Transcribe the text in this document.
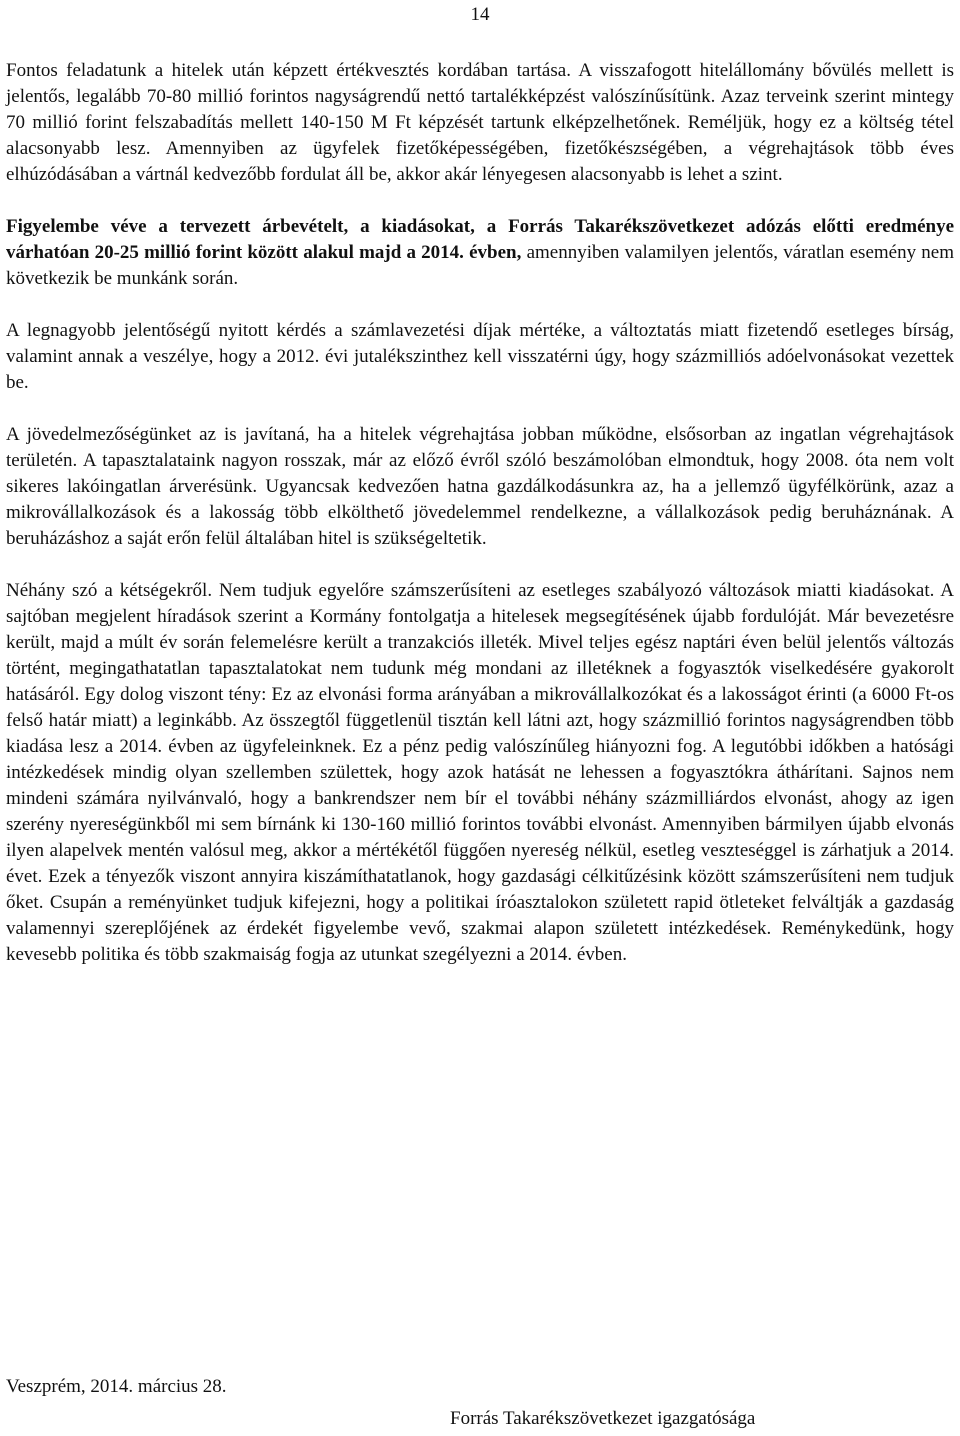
14

Fontos feladatunk a hitelek után képzett értékvesztés kordában tartása. A visszafogott hitelállomány bővülés mellett is jelentős, legalább 70-80 millió forintos nagyságrendű nettó tartalékképzést valószínűsítünk. Azaz terveink szerint mintegy 70 millió forint felszabadítás mellett 140-150 M Ft képzését tartunk elképzelhetőnek. Reméljük, hogy ez a költség tétel alacsonyabb lesz. Amennyiben az ügyfelek fizetőképességében, fizetőkészségében, a végrehajtások több éves elhúzódásában a vártnál kedvezőbb fordulat áll be, akkor akár lényegesen alacsonyabb is lehet a szint.

Figyelembe véve a tervezett árbevételt, a kiadásokat, a Forrás Takarékszövetkezet adózás előtti eredménye várhatóan 20-25 millió forint között alakul majd a 2014. évben, amennyiben valamilyen jelentős, váratlan esemény nem következik be munkánk során.

A legnagyobb jelentőségű nyitott kérdés a számlavezetési díjak mértéke, a változtatás miatt fizetendő esetleges bírság, valamint annak a veszélye, hogy a 2012. évi jutalékszinthez kell visszatérni úgy, hogy százmilliós adóelvonásokat vezettek be.

A jövedelmezőségünket az is javítaná, ha a hitelek végrehajtása jobban működne, elsősorban az ingatlan végrehajtások területén. A tapasztalataink nagyon rosszak, már az előző évről szóló beszámolóban elmondtuk, hogy 2008. óta nem volt sikeres lakóingatlan árverésünk. Ugyancsak kedvezően hatna gazdálkodásunkra az, ha a jellemző ügyfélkörünk, azaz a mikrovállalkozások és a lakosság több elkölthető jövedelemmel rendelkezne, a vállalkozások pedig beruháznának. A beruházáshoz a saját erőn felül általában hitel is szükségeltetik.

Néhány szó a kétségekről. Nem tudjuk egyelőre számszerűsíteni az esetleges szabályozó változások miatti kiadásokat. A sajtóban megjelent híradások szerint a Kormány fontolgatja a hitelesek megsegítésének újabb fordulóját. Már bevezetésre került, majd a múlt év során felemelésre került a tranzakciós illeték. Mivel teljes egész naptári éven belül jelentős változás történt, megingathatatlan tapasztalatokat nem tudunk még mondani az illetéknek a fogyasztók viselkedésére gyakorolt hatásáról. Egy dolog viszont tény: Ez az elvonási forma arányában a mikrovállalkozókat és a lakosságot érinti (a 6000 Ft-os felső határ miatt) a leginkább. Az összegtől függetlenül tisztán kell látni azt, hogy százmillió forintos nagyságrendben több kiadása lesz a 2014. évben az ügyfeleinknek. Ez a pénz pedig valószínűleg hiányozni fog. A legutóbbi időkben a hatósági intézkedések mindig olyan szellemben születtek, hogy azok hatását ne lehessen a fogyasztókra áthárítani. Sajnos nem mindeni számára nyilvánvaló, hogy a bankrendszer nem bír el további néhány százmilliárdos elvonást, ahogy az igen szerény nyereségünkből mi sem bírnánk ki 130-160 millió forintos további elvonást. Amennyiben bármilyen újabb elvonás ilyen alapelvek mentén valósul meg, akkor a mértékétől függően nyereség nélkül, esetleg veszteséggel is zárhatjuk a 2014. évet. Ezek a tényezők viszont annyira kiszámíthatatlanok, hogy gazdasági célkitűzésink között számszerűsíteni nem tudjuk őket. Csupán a reményünket tudjuk kifejezni, hogy a politikai íróasztalokon született rapid ötleteket felváltják a gazdaság valamennyi szereplőjének az érdekét figyelembe vevő, szakmai alapon született intézkedések. Reménykedünk, hogy kevesebb politika és több szakmaiság fogja az utunkat szegélyezni a 2014. évben.

Veszprém, 2014. március 28.
Forrás Takarékszövetkezet igazgatósága
